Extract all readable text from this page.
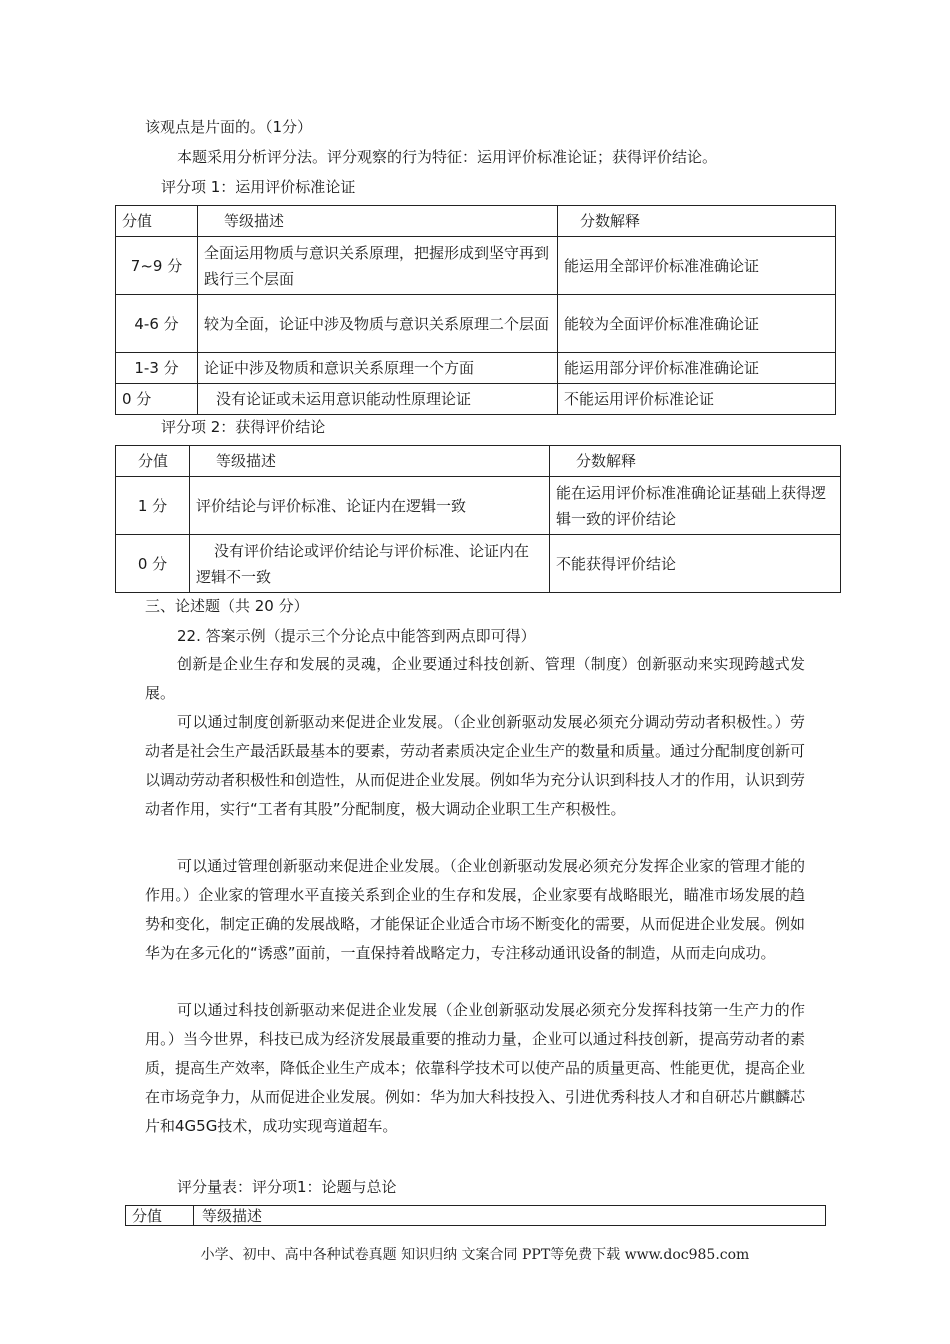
该观点是片面的。（1分）
本题采用分析评分法。评分观察的行为特征：运用评价标准论证；获得评价结论。
评分项 1：运用评价标准论证
分值	等级描述	分数解释
7~9 分	全面运用物质与意识关系原理，把握形成到坚守再到践行三个层面	能运用全部评价标准准确论证
4-6 分	较为全面，论证中涉及物质与意识关系原理二个层面	能较为全面评价标准准确论证
1-3 分	论证中涉及物质和意识关系原理一个方面	能运用部分评价标准准确论证
0 分	没有论证或未运用意识能动性原理论证	不能运用评价标准论证
评分项 2：获得评价结论
分值	等级描述	分数解释
1 分	评价结论与评价标准、论证内在逻辑一致	能在运用评价标准准确论证基础上获得逻辑一致的评价结论
0 分	没有评价结论或评价结论与评价标准、论证内在逻辑不一致	不能获得评价结论
三、论述题（共 20 分）
22. 答案示例（提示三个分论点中能答到两点即可得）

创新是企业生存和发展的灵魂，企业要通过科技创新、管理（制度）创新驱动来实现跨越式发展。

可以通过制度创新驱动来促进企业发展。（企业创新驱动发展必须充分调动劳动者积极性。）劳动者是社会生产最活跃最基本的要素，劳动者素质决定企业生产的数量和质量。通过分配制度创新可以调动劳动者积极性和创造性，从而促进企业发展。例如华为充分认识到科技人才的作用，认识到劳动者作用，实行“工者有其股”分配制度，极大调动企业职工生产积极性。

可以通过管理创新驱动来促进企业发展。（企业创新驱动发展必须充分发挥企业家的管理才能的作用。）企业家的管理水平直接关系到企业的生存和发展，企业家要有战略眼光，瞄准市场发展的趋势和变化，制定正确的发展战略，才能保证企业适合市场不断变化的需要，从而促进企业发展。例如华为在多元化的“诱惑”面前，一直保持着战略定力，专注移动通讯设备的制造，从而走向成功。

可以通过科技创新驱动来促进企业发展（企业创新驱动发展必须充分发挥科技第一生产力的作用。）当今世界，科技已成为经济发展最重要的推动力量，企业可以通过科技创新，提高劳动者的素质，提高生产效率，降低企业生产成本；依靠科学技术可以使产品的质量更高、性能更优，提高企业在市场竞争力，从而促进企业发展。例如：华为加大科技投入、引进优秀科技人才和自研芯片麒麟芯片和4G5G技术，成功实现弯道超车。

评分量表：评分项1：论题与总论
分值	等级描述
小学、初中、高中各种试卷真题 知识归纳 文案合同 PPT等免费下载 www.doc985.com
